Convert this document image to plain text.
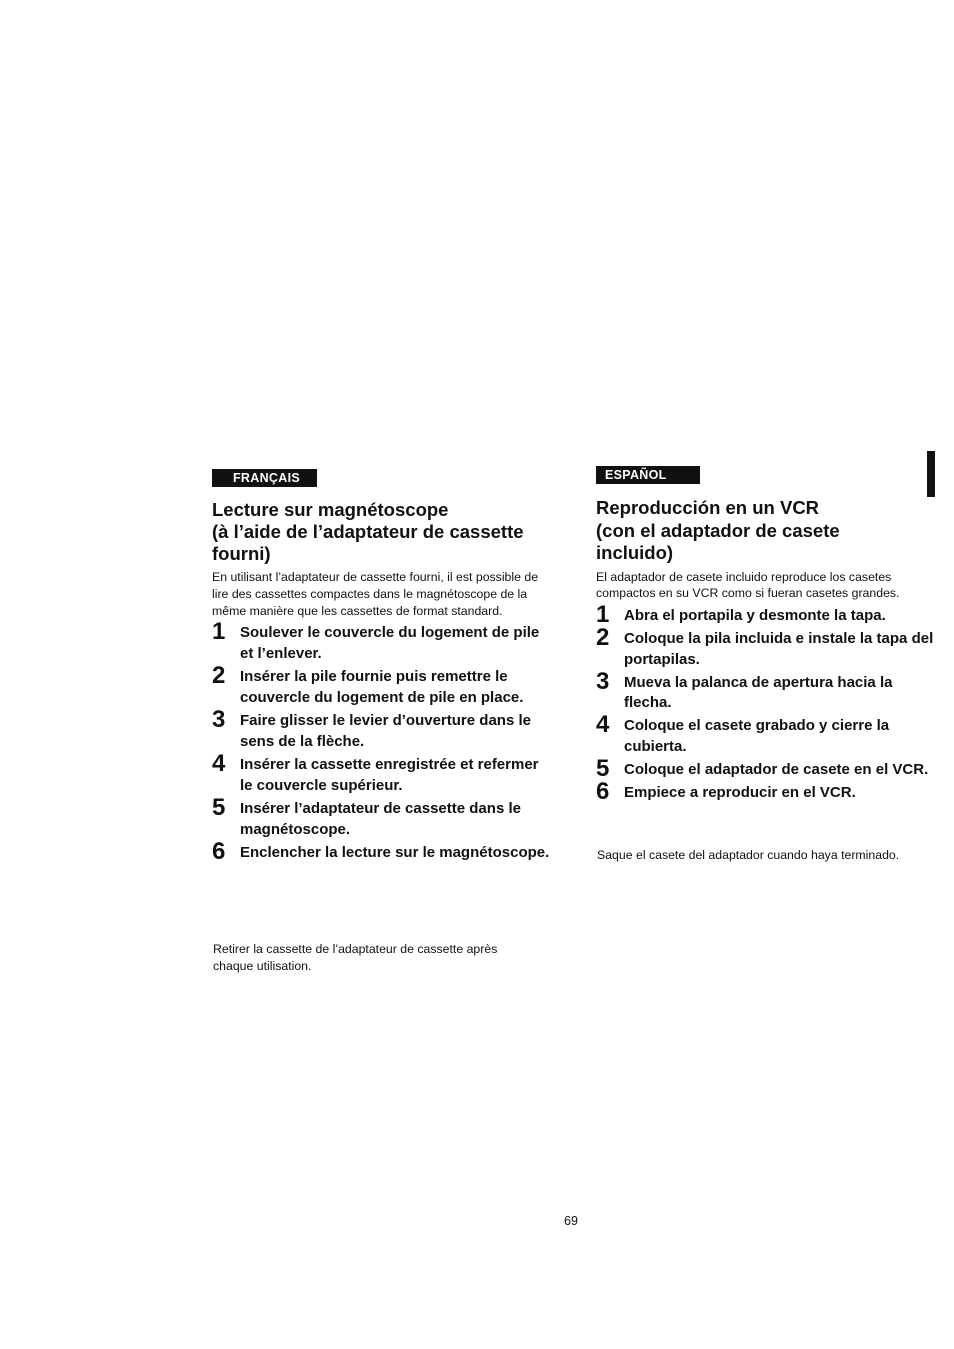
FRANÇAIS
Lecture sur magnétoscope
(à l’aide de l’adaptateur de cassette
fourni)

En utilisant l’adaptateur de cassette fourni, il est possible de lire des cassettes compactes dans le magnétoscope de la même manière que les cassettes de format standard.

1 Soulever le couvercle du logement de pile et l’enlever.
2 Insérer la pile fournie puis remettre le couvercle du logement de pile en place.
3 Faire glisser le levier d’ouverture dans le sens de la flèche.
4 Insérer la cassette enregistrée et refermer le couvercle supérieur.
5 Insérer l’adaptateur de cassette dans le magnétoscope.
6 Enclencher la lecture sur le magnétoscope.

Retirer la cassette de l’adaptateur de cassette après chaque utilisation.

ESPAÑOL
Reproducción en un VCR
(con el adaptador de casete
incluido)

El adaptador de casete incluido reproduce los casetes compactos en su VCR como si fueran casetes grandes.

1 Abra el portapila y desmonte la tapa.
2 Coloque la pila incluida e instale la tapa del portapilas.
3 Mueva la palanca de apertura hacia la flecha.
4 Coloque el casete grabado y cierre la cubierta.
5 Coloque el adaptador de casete en el VCR.
6 Empiece a reproducir en el VCR.

Saque el casete del adaptador cuando haya terminado.

69
